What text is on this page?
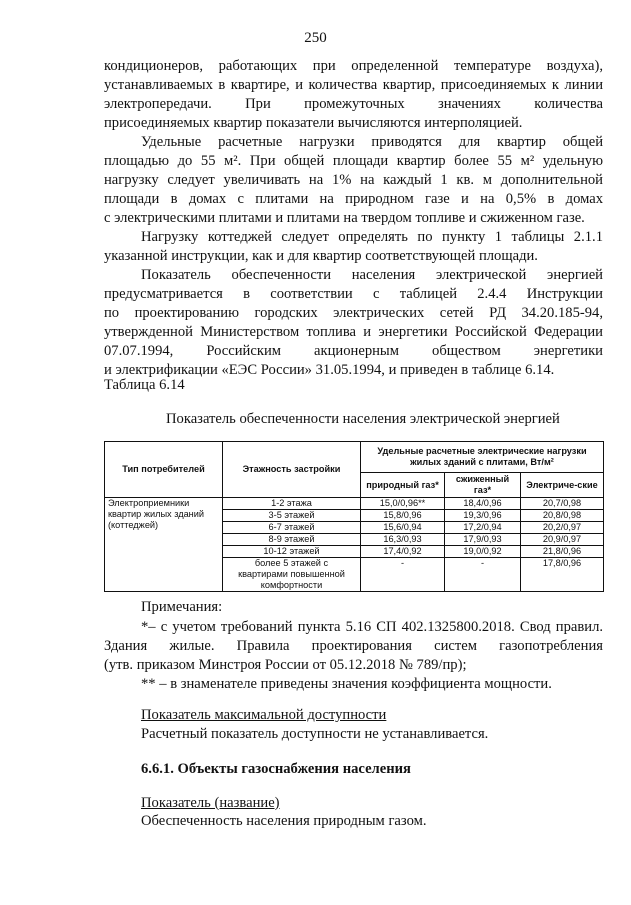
250
кондиционеров, работающих при определенной температуре воздуха),
устанавливаемых в квартире, и количества квартир, присоединяемых к линии
электропередачи. При промежуточных значениях количества
присоединяемых квартир показатели вычисляются интерполяцией.
Удельные расчетные нагрузки приводятся для квартир общей
площадью до 55 м². При общей площади квартир более 55 м² удельную
нагрузку следует увеличивать на 1% на каждый 1 кв. м дополнительной
площади в домах с плитами на природном газе и на 0,5% в домах
с электрическими плитами и плитами на твердом топливе и сжиженном газе.
Нагрузку коттеджей следует определять по пункту 1 таблицы 2.1.1
указанной инструкции, как и для квартир соответствующей площади.
Показатель обеспеченности населения электрической энергией
предусматривается в соответствии с таблицей 2.4.4 Инструкции
по проектированию городских электрических сетей РД 34.20.185-94,
утвержденной Министерством топлива и энергетики Российской Федерации
07.07.1994, Российским акционерным обществом энергетики
и электрификации «ЕЭС России» 31.05.1994, и приведен в таблице 6.14.
Таблица 6.14
Показатель обеспеченности населения электрической энергией
Тип потребителей	Этажность застройки	Удельные расчетные электрические нагрузки жилых зданий с плитами, Вт/м²		
		природный газ*	сжиженный газ*	Электриче-ские
Электроприемники квартир жилых зданий (коттеджей)	1-2 этажа	15,0/0,96**	18,4/0,96	20,7/0,98
	3-5 этажей	15,8/0,96	19,3/0,96	20,8/0,98
	6-7 этажей	15,6/0,94	17,2/0,94	20,2/0,97
	8-9 этажей	16,3/0,93	17,9/0,93	20,9/0,97
	10-12 этажей	17,4/0,92	19,0/0,92	21,8/0,96
	более 5 этажей с квартирами повышенной комфортности	-	-	17,8/0,96
Примечания:
*– с учетом требований пункта 5.16 СП 402.1325800.2018. Свод правил.
Здания жилые. Правила проектирования систем газопотребления
(утв. приказом Минстроя России от 05.12.2018 № 789/пр);
** – в знаменателе приведены значения коэффициента мощности.
Показатель максимальной доступности
Расчетный показатель доступности не устанавливается.
6.6.1. Объекты газоснабжения населения
Показатель (название)
Обеспеченность населения природным газом.
